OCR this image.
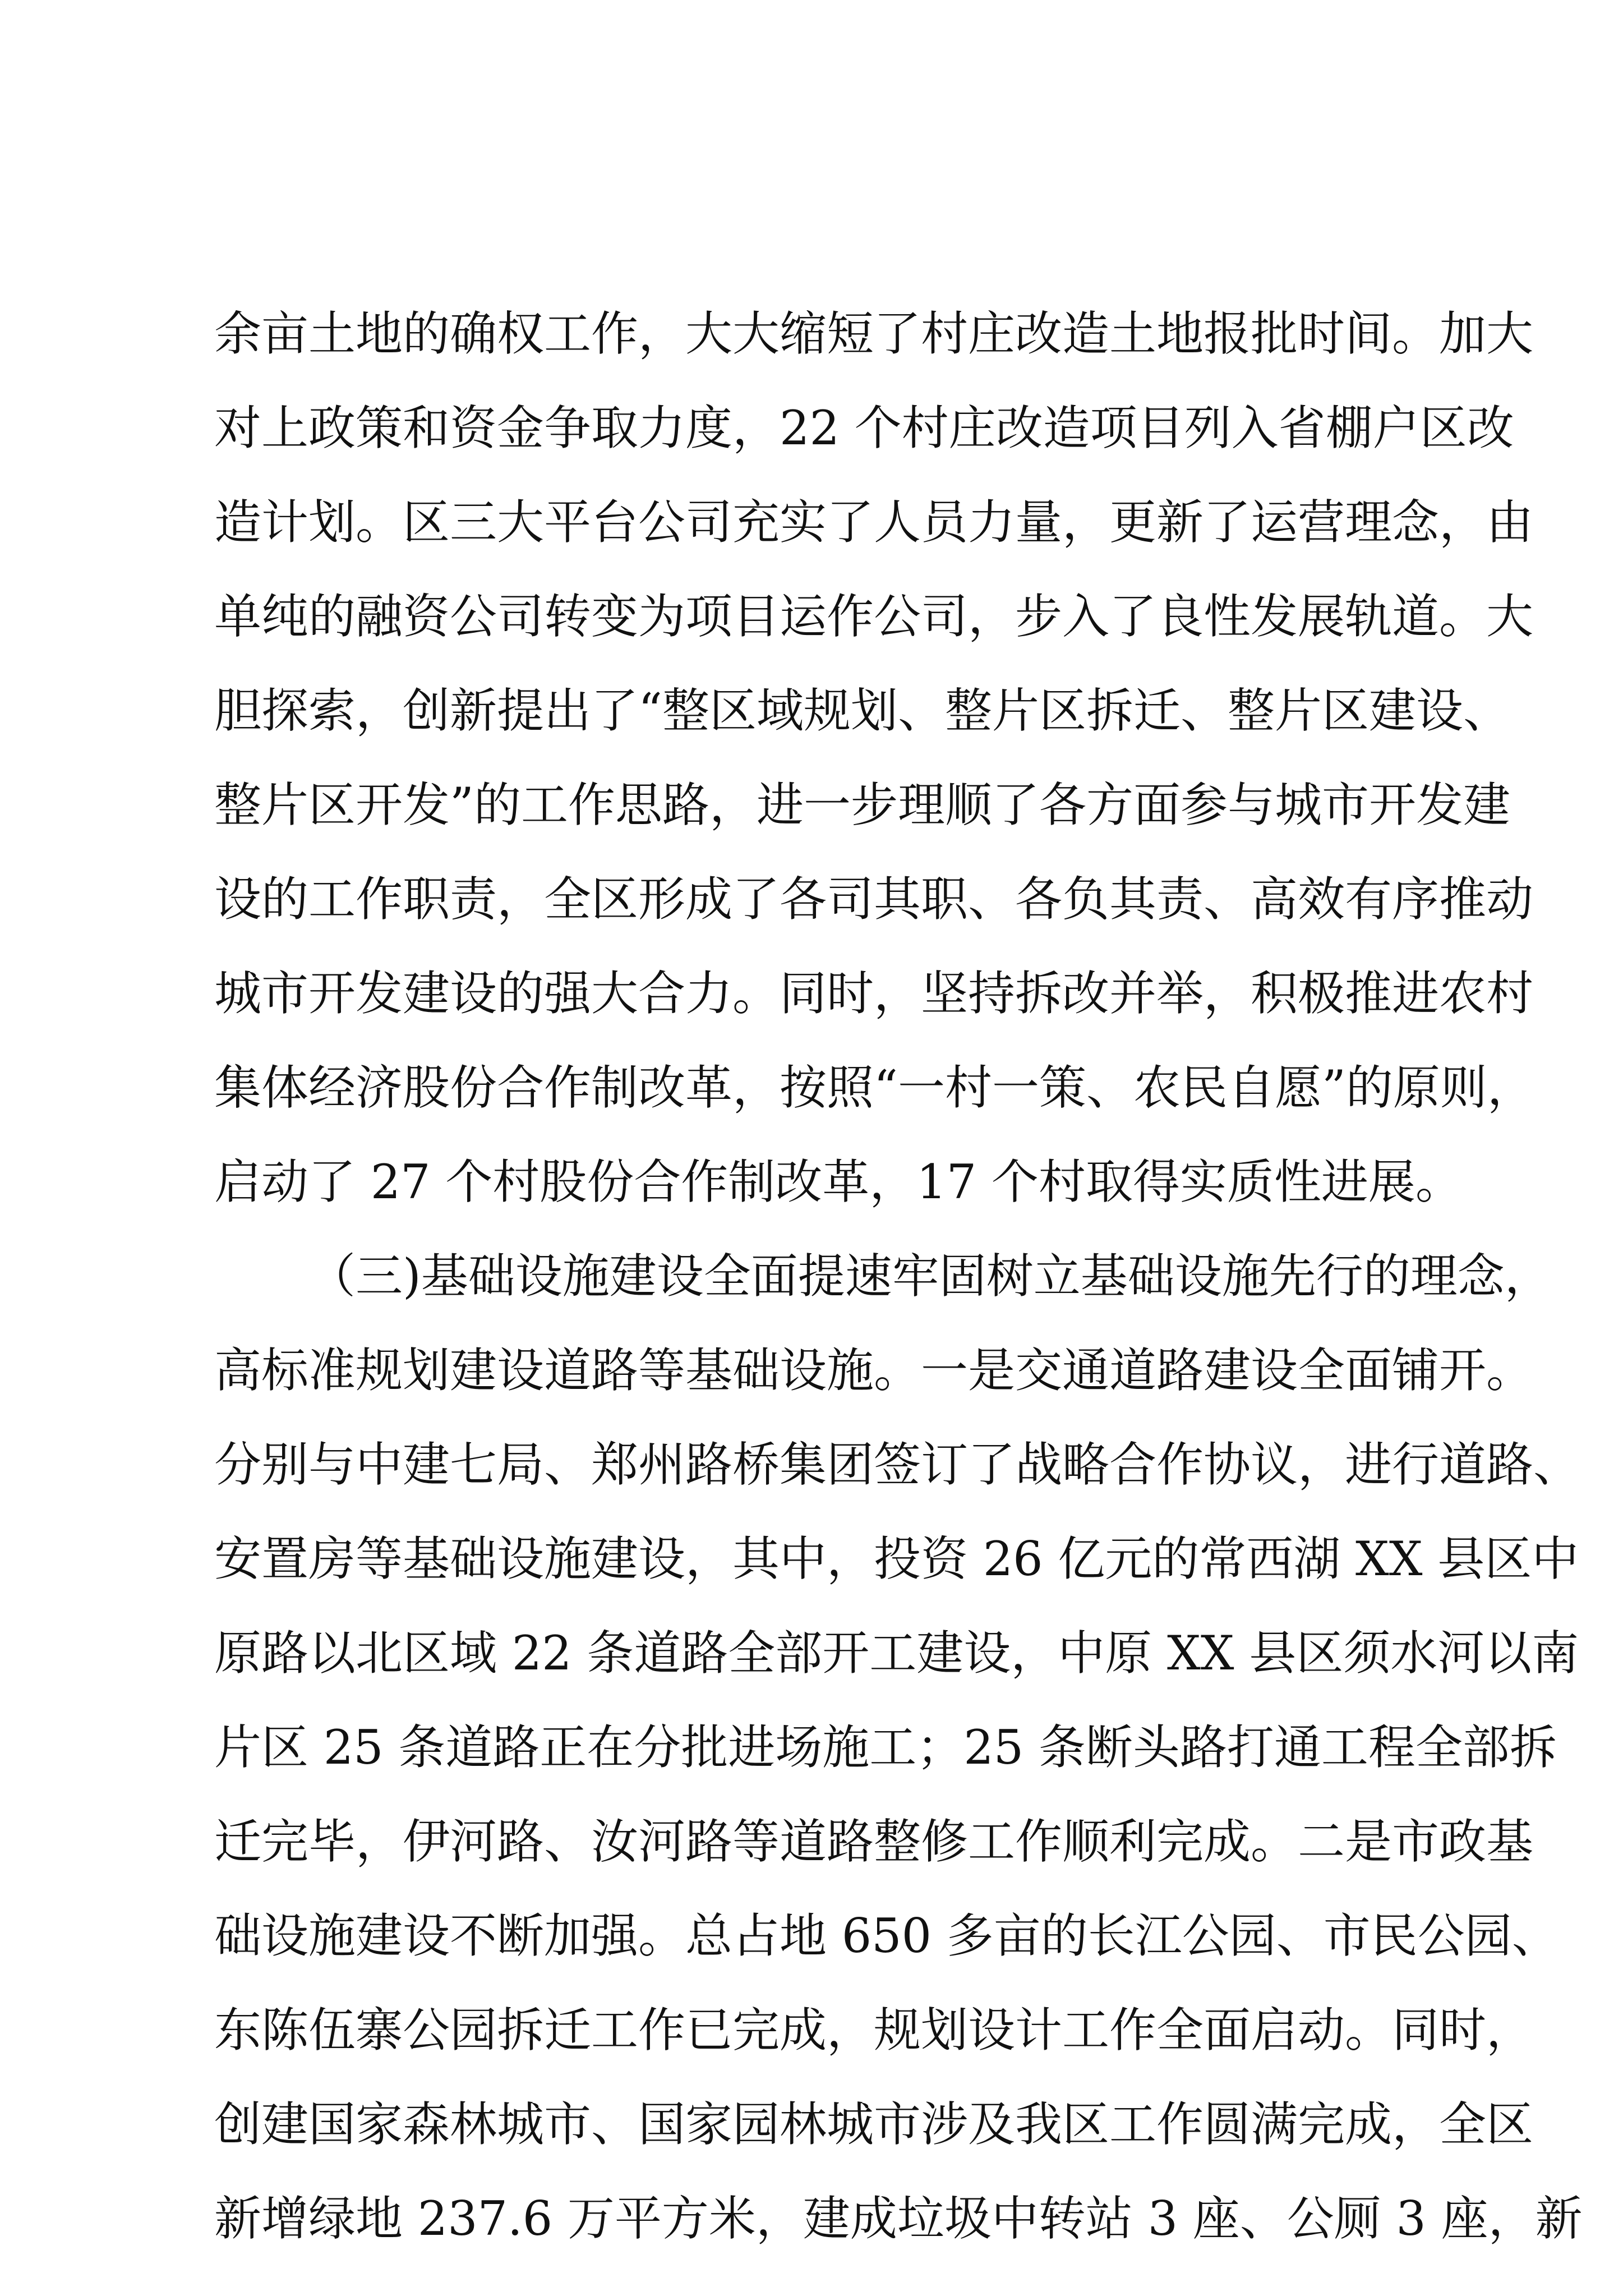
余亩土地的确权工作，大大缩短了村庄改造土地报批时间。加大
对上政策和资金争取力度，22 个村庄改造项目列入省棚户区改
造计划。区三大平台公司充实了人员力量，更新了运营理念，由
单纯的融资公司转变为项目运作公司，步入了良性发展轨道。大
胆探索，创新提出了“整区域规划、整片区拆迁、整片区建设、
整片区开发”的工作思路，进一步理顺了各方面参与城市开发建
设的工作职责，全区形成了各司其职、各负其责、高效有序推动
城市开发建设的强大合力。同时，坚持拆改并举，积极推进农村
集体经济股份合作制改革，按照“一村一策、农民自愿”的原则，
启动了 27 个村股份合作制改革，17 个村取得实质性进展。
（三)基础设施建设全面提速牢固树立基础设施先行的理念，
高标准规划建设道路等基础设施。一是交通道路建设全面铺开。
分别与中建七局、郑州路桥集团签订了战略合作协议，进行道路、
安置房等基础设施建设，其中，投资 26 亿元的常西湖 XX 县区中
原路以北区域 22 条道路全部开工建设，中原 XX 县区须水河以南
片区 25 条道路正在分批进场施工；25 条断头路打通工程全部拆
迁完毕，伊河路、汝河路等道路整修工作顺利完成。二是市政基
础设施建设不断加强。总占地 650 多亩的长江公园、市民公园、
东陈伍寨公园拆迁工作已完成，规划设计工作全面启动。同时，
创建国家森林城市、国家园林城市涉及我区工作圆满完成，全区
新增绿地 237.6 万平方米，建成垃圾中转站 3 座、公厕 3 座，新
